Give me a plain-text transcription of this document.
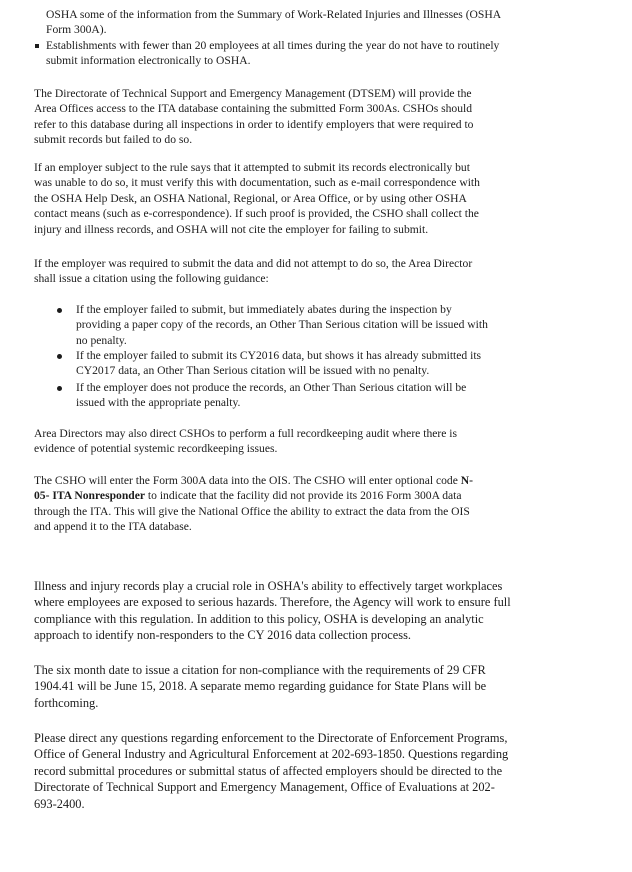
OSHA some of the information from the Summary of Work-Related Injuries and Illnesses (OSHA
Form 300A).
Establishments with fewer than 20 employees at all times during the year do not have to routinely
submit information electronically to OSHA.
The Directorate of Technical Support and Emergency Management (DTSEM) will provide the
Area Offices access to the ITA database containing the submitted Form 300As. CSHOs should
refer to this database during all inspections in order to identify employers that were required to
submit records but failed to do so.
If an employer subject to the rule says that it attempted to submit its records electronically but
was unable to do so, it must verify this with documentation, such as e-mail correspondence with
the OSHA Help Desk, an OSHA National, Regional, or Area Office, or by using other OSHA
contact means (such as e-correspondence). If such proof is provided, the CSHO shall collect the
injury and illness records, and OSHA will not cite the employer for failing to submit.
If the employer was required to submit the data and did not attempt to do so, the Area Director
shall issue a citation using the following guidance:
If the employer failed to submit, but immediately abates during the inspection by
providing a paper copy of the records, an Other Than Serious citation will be issued with
no penalty.
If the employer failed to submit its CY2016 data, but shows it has already submitted its
CY2017 data, an Other Than Serious citation will be issued with no penalty.
If the employer does not produce the records, an Other Than Serious citation will be
issued with the appropriate penalty.
Area Directors may also direct CSHOs to perform a full recordkeeping audit where there is
evidence of potential systemic recordkeeping issues.
The CSHO will enter the Form 300A data into the OIS. The CSHO will enter optional code N-
05- ITA Nonresponder to indicate that the facility did not provide its 2016 Form 300A data
through the ITA. This will give the National Office the ability to extract the data from the OIS
and append it to the ITA database.
Illness and injury records play a crucial role in OSHA's ability to effectively target workplaces
where employees are exposed to serious hazards. Therefore, the Agency will work to ensure full
compliance with this regulation. In addition to this policy, OSHA is developing an analytic
approach to identify non-responders to the CY 2016 data collection process.
The six month date to issue a citation for non-compliance with the requirements of 29 CFR
1904.41 will be June 15, 2018. A separate memo regarding guidance for State Plans will be
forthcoming.
Please direct any questions regarding enforcement to the Directorate of Enforcement Programs,
Office of General Industry and Agricultural Enforcement at 202-693-1850. Questions regarding
record submittal procedures or submittal status of affected employers should be directed to the
Directorate of Technical Support and Emergency Management, Office of Evaluations at 202-
693-2400.
